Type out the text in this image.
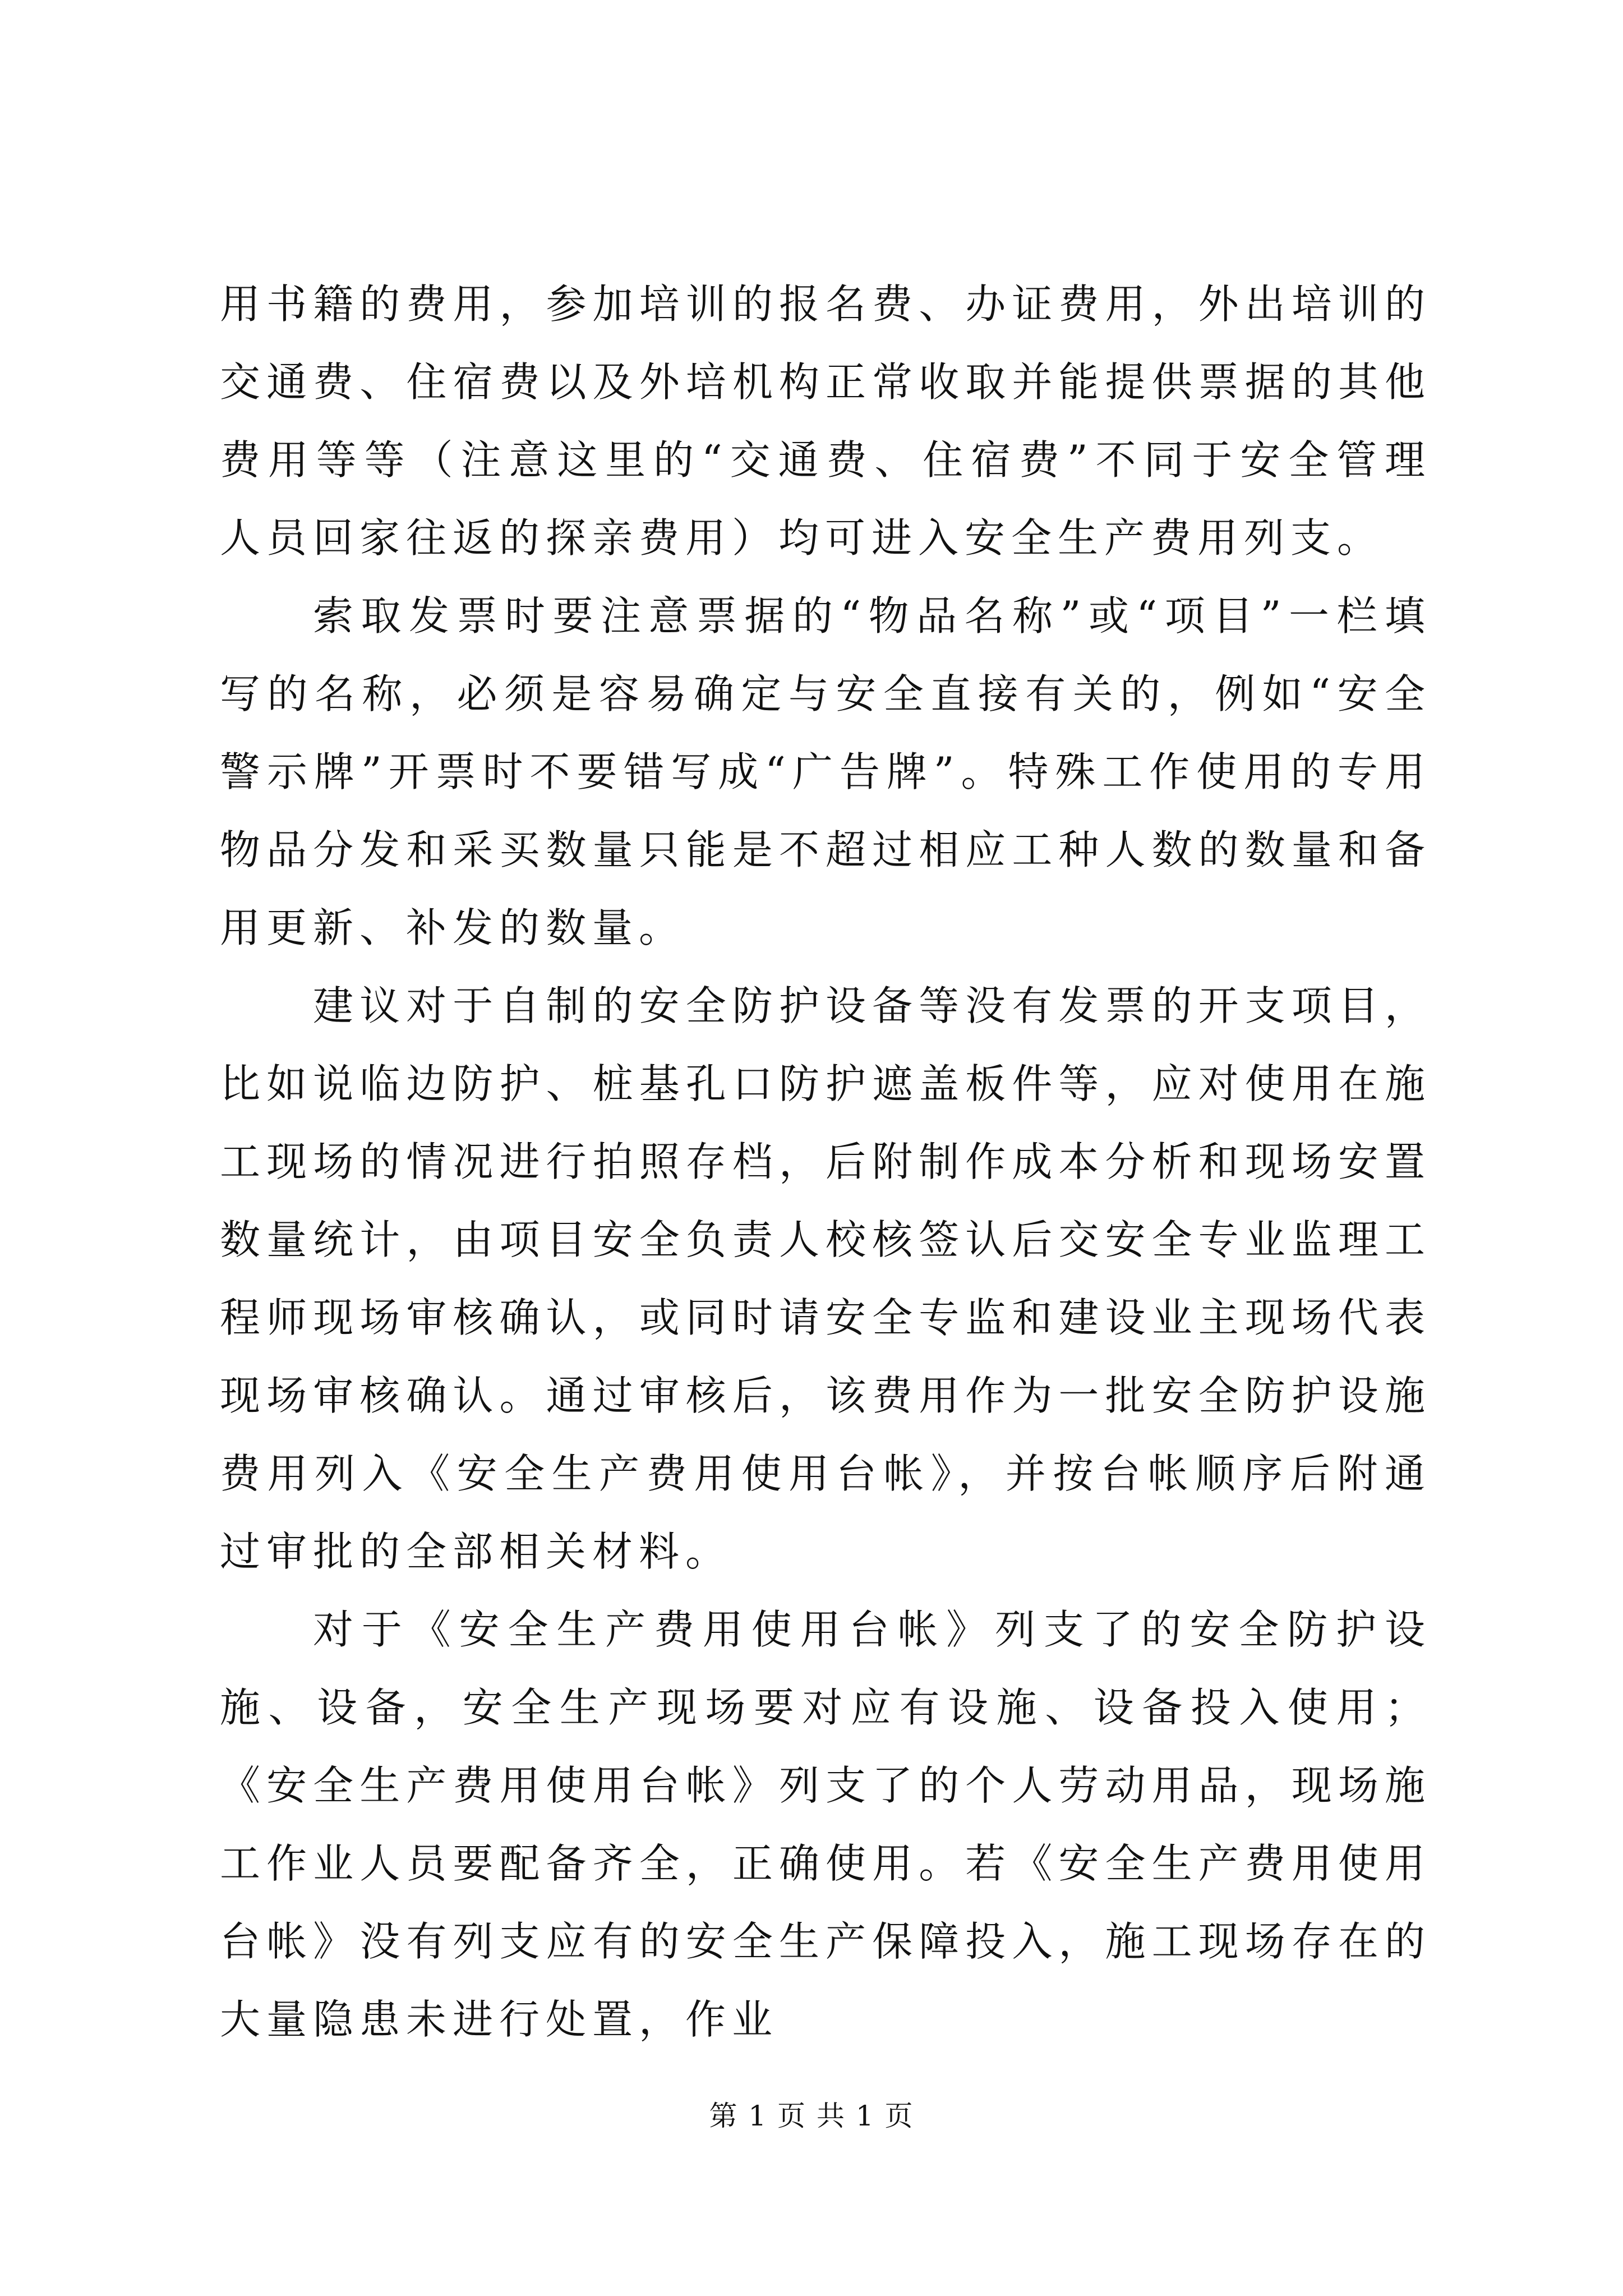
用书籍的费用，参加培训的报名费、办证费用，外出培训的交通费、住宿费以及外培机构正常收取并能提供票据的其他费用等等（注意这里的“交通费、住宿费”不同于安全管理人员回家往返的探亲费用）均可进入安全生产费用列支。

索取发票时要注意票据的“物品名称”或“项目”一栏填写的名称，必须是容易确定与安全直接有关的，例如“安全警示牌”开票时不要错写成“广告牌”。特殊工作使用的专用物品分发和采买数量只能是不超过相应工种人数的数量和备用更新、补发的数量。

建议对于自制的安全防护设备等没有发票的开支项目，比如说临边防护、桩基孔口防护遮盖板件等，应对使用在施工现场的情况进行拍照存档，后附制作成本分析和现场安置数量统计，由项目安全负责人校核签认后交安全专业监理工程师现场审核确认，或同时请安全专监和建设业主现场代表现场审核确认。通过审核后，该费用作为一批安全防护设施费用列入《安全生产费用使用台帐》，并按台帐顺序后附通过审批的全部相关材料。

对于《安全生产费用使用台帐》列支了的安全防护设施、设备，安全生产现场要对应有设施、设备投入使用；《安全生产费用使用台帐》列支了的个人劳动用品，现场施工作业人员要配备齐全，正确使用。若《安全生产费用使用台帐》没有列支应有的安全生产保障投入，施工现场存在的大量隐患未进行处置，作业

第 1 页 共 1 页
